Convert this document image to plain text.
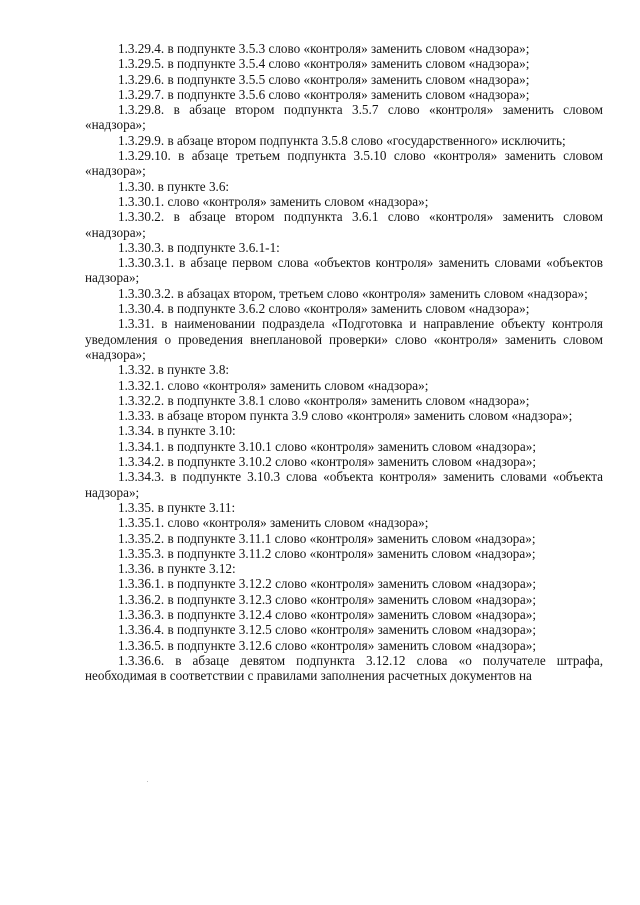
1.3.29.4. в подпункте 3.5.3 слово «контроля» заменить словом «надзора»;

1.3.29.5. в подпункте 3.5.4 слово «контроля» заменить словом «надзора»;

1.3.29.6. в подпункте 3.5.5 слово «контроля» заменить словом «надзора»;

1.3.29.7. в подпункте 3.5.6 слово «контроля» заменить словом «надзора»;

1.3.29.8. в абзаце втором подпункта 3.5.7 слово «контроля» заменить словом «надзора»;

1.3.29.9. в абзаце втором подпункта 3.5.8 слово «государственного» исключить;

1.3.29.10. в абзаце третьем подпункта 3.5.10 слово «контроля» заменить словом «надзора»;

1.3.30. в пункте 3.6:

1.3.30.1. слово «контроля» заменить словом «надзора»;

1.3.30.2. в абзаце втором подпункта 3.6.1 слово «контроля» заменить словом «надзора»;

1.3.30.3. в подпункте 3.6.1-1:

1.3.30.3.1. в абзаце первом слова «объектов контроля» заменить словами «объектов надзора»;

1.3.30.3.2. в абзацах втором, третьем слово «контроля» заменить словом «надзора»;

1.3.30.4. в подпункте 3.6.2 слово «контроля» заменить словом «надзора»;

1.3.31. в наименовании подраздела «Подготовка и направление объекту контроля уведомления о проведения внеплановой проверки» слово «контроля» заменить словом «надзора»;

1.3.32. в пункте 3.8:

1.3.32.1. слово «контроля» заменить словом «надзора»;

1.3.32.2. в подпункте 3.8.1 слово «контроля» заменить словом «надзора»;

1.3.33. в абзаце втором пункта 3.9 слово «контроля» заменить словом «надзора»;

1.3.34. в пункте 3.10:

1.3.34.1. в подпункте 3.10.1 слово «контроля» заменить словом «надзора»;

1.3.34.2. в подпункте 3.10.2 слово «контроля» заменить словом «надзора»;

1.3.34.3. в подпункте 3.10.3 слова «объекта контроля» заменить словами «объекта надзора»;

1.3.35. в пункте 3.11:

1.3.35.1. слово «контроля» заменить словом «надзора»;

1.3.35.2. в подпункте 3.11.1 слово «контроля» заменить словом «надзора»;

1.3.35.3. в подпункте 3.11.2 слово «контроля» заменить словом «надзора»;

1.3.36. в пункте 3.12:

1.3.36.1. в подпункте 3.12.2 слово «контроля» заменить словом «надзора»;

1.3.36.2. в подпункте 3.12.3 слово «контроля» заменить словом «надзора»;

1.3.36.3. в подпункте 3.12.4 слово «контроля» заменить словом «надзора»;

1.3.36.4. в подпункте 3.12.5 слово «контроля» заменить словом «надзора»;

1.3.36.5. в подпункте 3.12.6 слово «контроля» заменить словом «надзора»;

1.3.36.6. в абзаце девятом подпункта 3.12.12 слова «о получателе штрафа, необходимая в соответствии с правилами заполнения расчетных документов на
